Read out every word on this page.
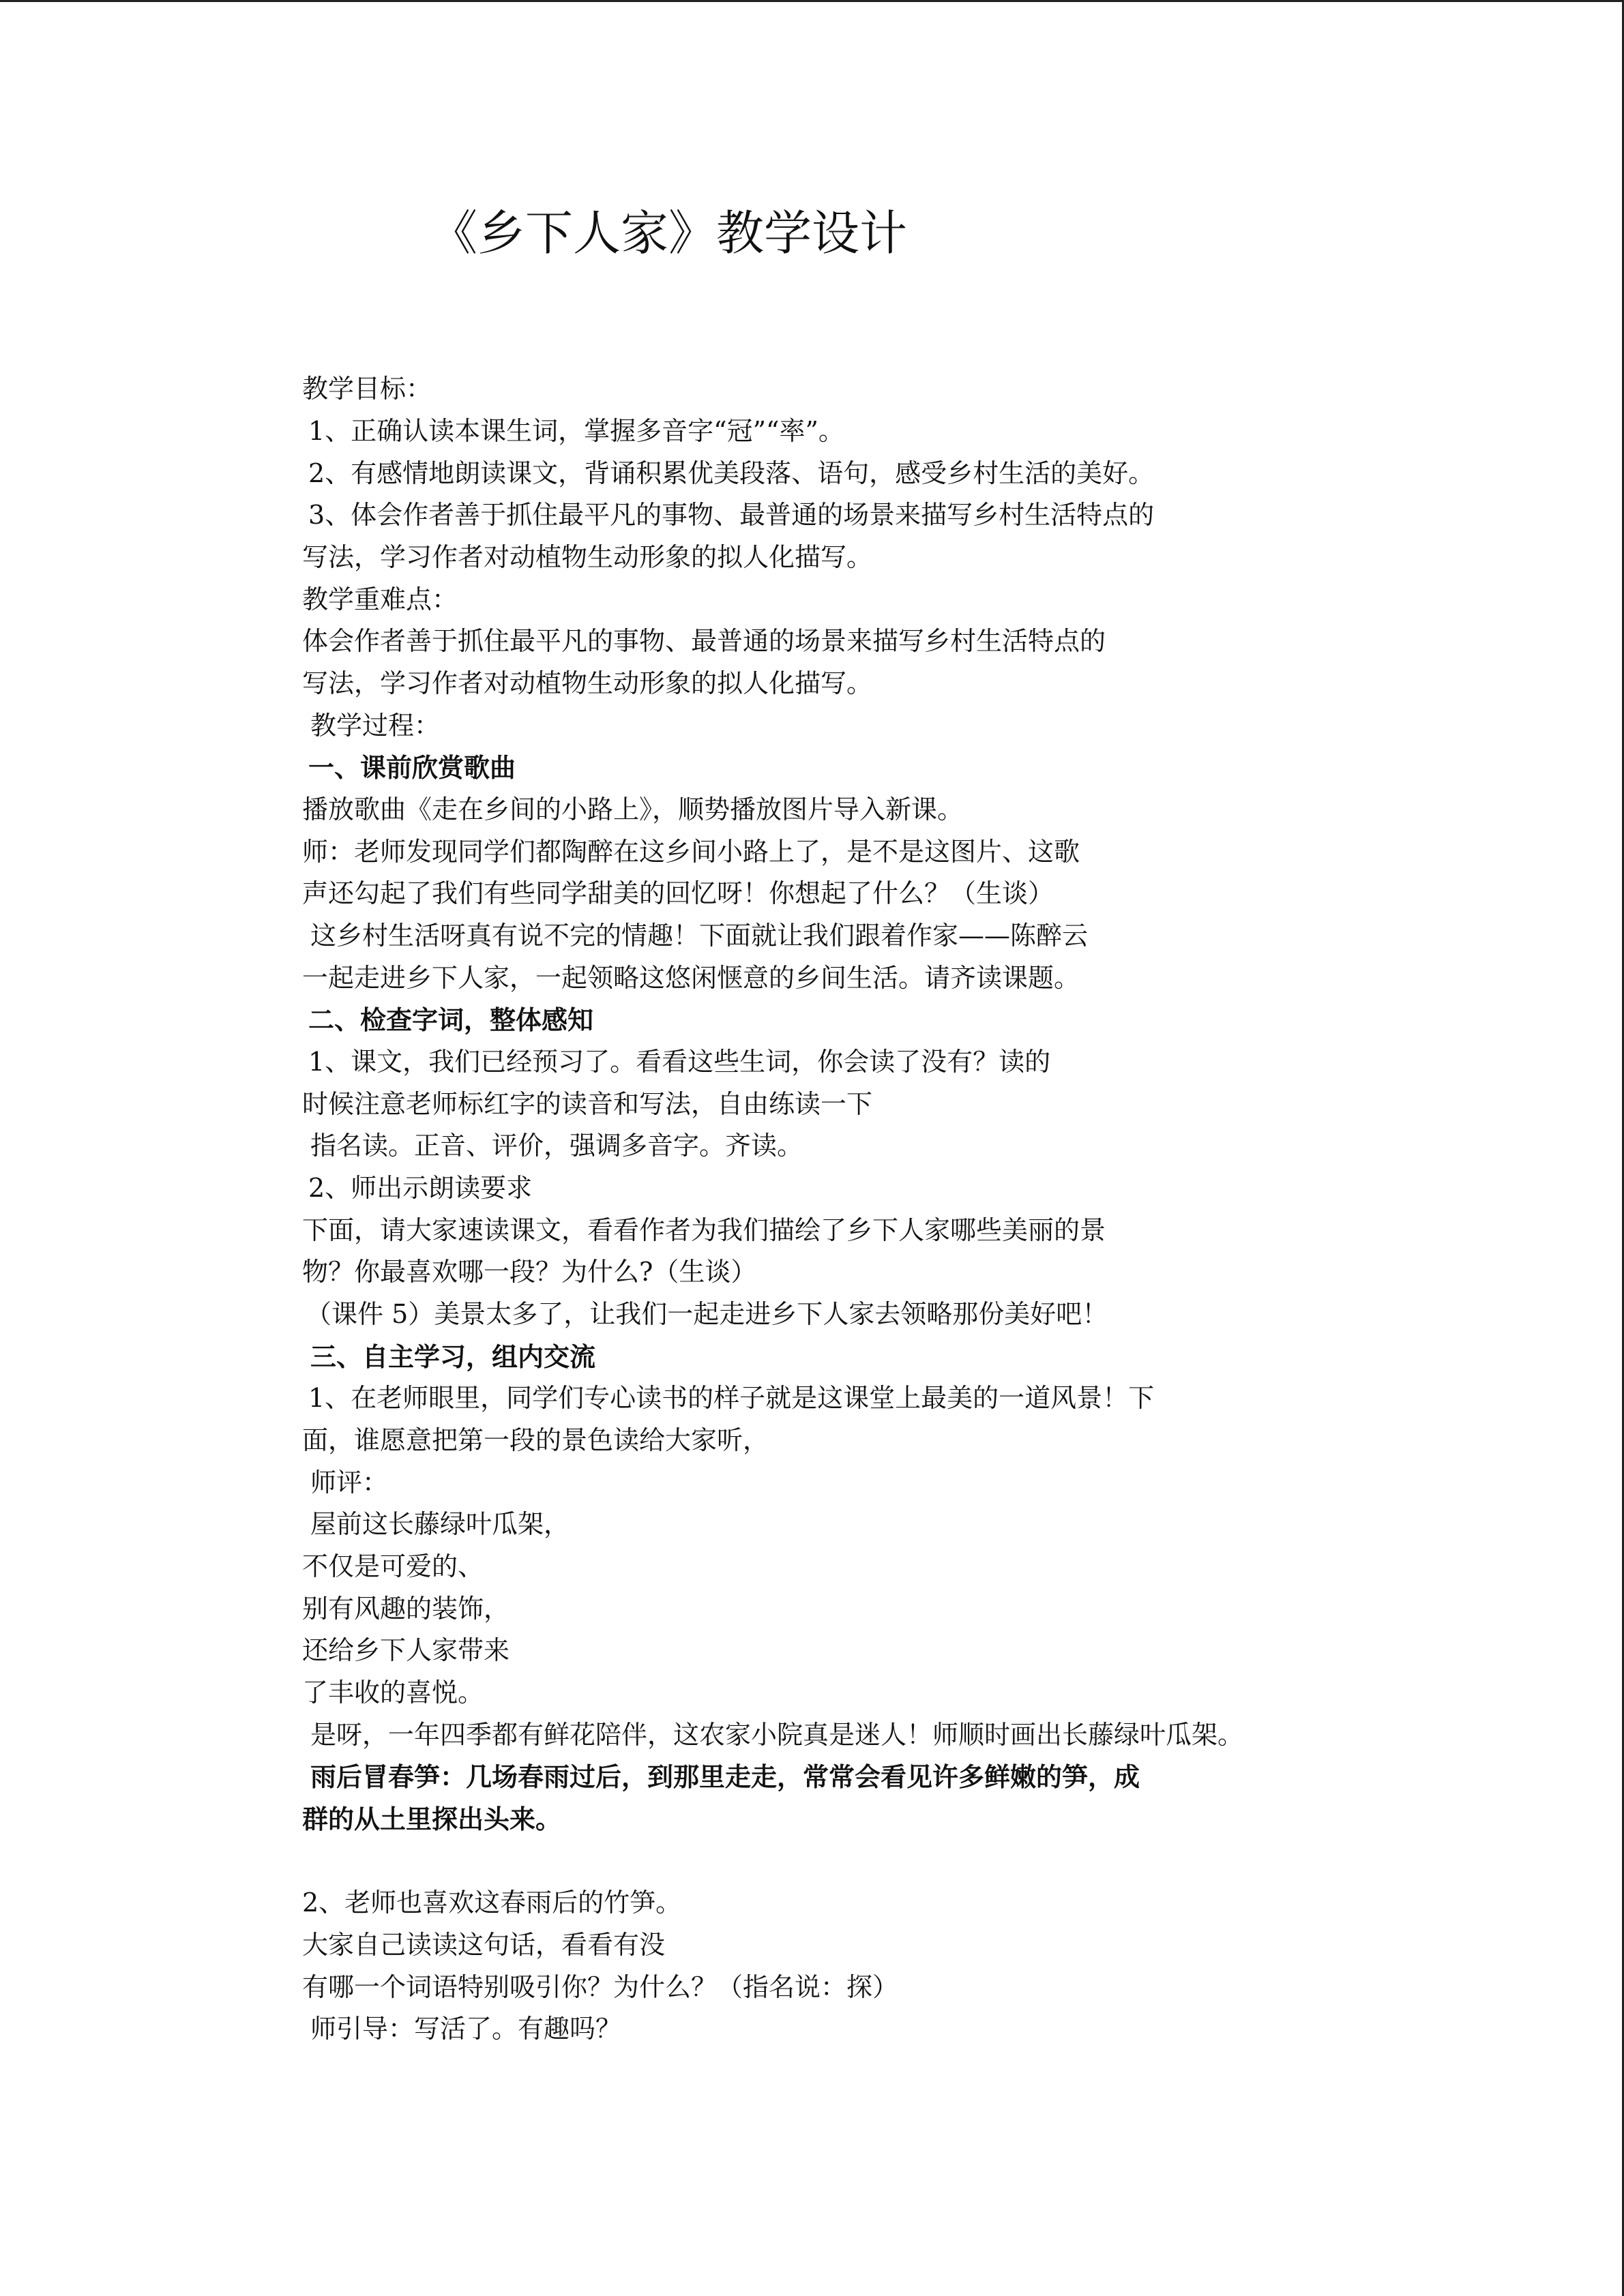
《乡下人家》教学设计
教学目标：
1、正确认读本课生词，掌握多音字“冠”“率”。
2、有感情地朗读课文，背诵积累优美段落、语句，感受乡村生活的美好。
3、体会作者善于抓住最平凡的事物、最普通的场景来描写乡村生活特点的
写法，学习作者对动植物生动形象的拟人化描写。
教学重难点：
体会作者善于抓住最平凡的事物、最普通的场景来描写乡村生活特点的
写法，学习作者对动植物生动形象的拟人化描写。
教学过程：
一、课前欣赏歌曲
播放歌曲《走在乡间的小路上》，顺势播放图片导入新课。
师：老师发现同学们都陶醉在这乡间小路上了，是不是这图片、这歌
声还勾起了我们有些同学甜美的回忆呀！你想起了什么？（生谈）
这乡村生活呀真有说不完的情趣！下面就让我们跟着作家——陈醉云
一起走进乡下人家，一起领略这悠闲惬意的乡间生活。请齐读课题。
二、检查字词，整体感知
1、课文，我们已经预习了。看看这些生词，你会读了没有？读的
时候注意老师标红字的读音和写法，自由练读一下
指名读。正音、评价，强调多音字。齐读。
2、师出示朗读要求
下面，请大家速读课文，看看作者为我们描绘了乡下人家哪些美丽的景
物？你最喜欢哪一段？为什么?（生谈）
（课件 5）美景太多了，让我们一起走进乡下人家去领略那份美好吧！
三、自主学习，组内交流
1、在老师眼里，同学们专心读书的样子就是这课堂上最美的一道风景！下
面，谁愿意把第一段的景色读给大家听，
师评：
屋前这长藤绿叶瓜架，
不仅是可爱的、
别有风趣的装饰，
还给乡下人家带来
了丰收的喜悦。
是呀，一年四季都有鲜花陪伴，这农家小院真是迷人！师顺时画出长藤绿叶瓜架。
雨后冒春笋：几场春雨过后，到那里走走，常常会看见许多鲜嫩的笋，成
群的从土里探出头来。
2、老师也喜欢这春雨后的竹笋。
大家自己读读这句话，看看有没
有哪一个词语特别吸引你？为什么？（指名说：探）
师引导：写活了。有趣吗？
